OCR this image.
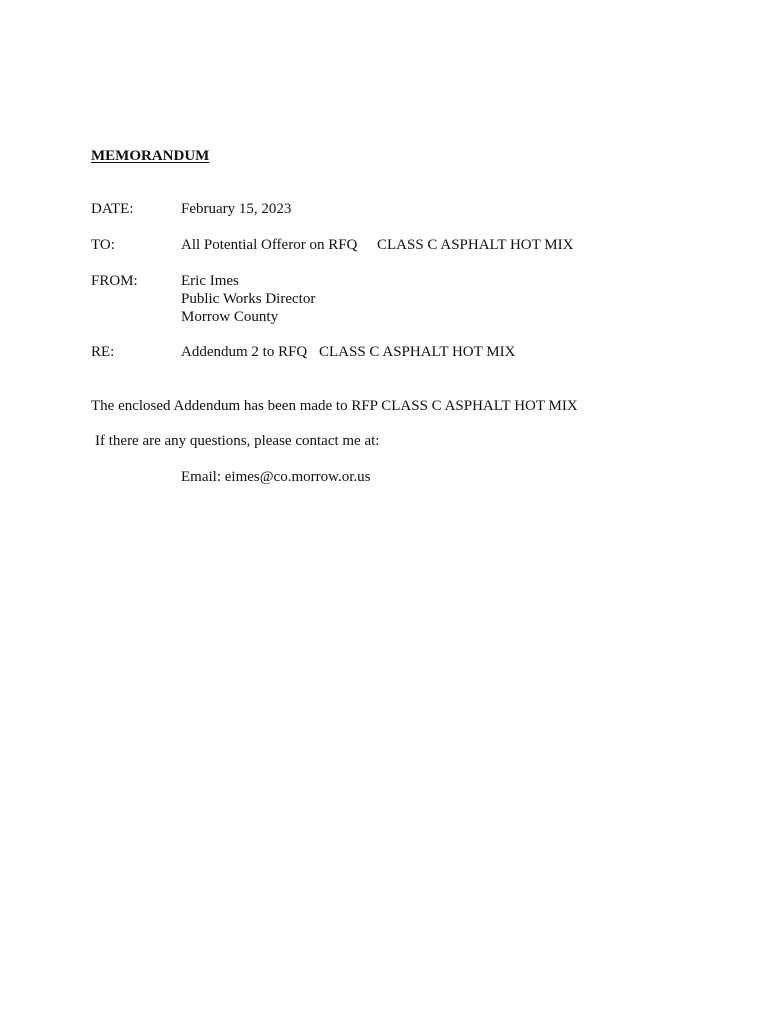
MEMORANDUM
DATE:	February 15, 2023
TO:	All Potential Offeror on RFQ CLASS C ASPHALT HOT MIX
FROM:	Eric Imes
Public Works Director
Morrow County
RE:	Addendum 2 to RFQ CLASS C ASPHALT HOT MIX
The enclosed Addendum has been made to RFP CLASS C ASPHALT HOT MIX
If there are any questions, please contact me at:
Email: eimes@co.morrow.or.us
